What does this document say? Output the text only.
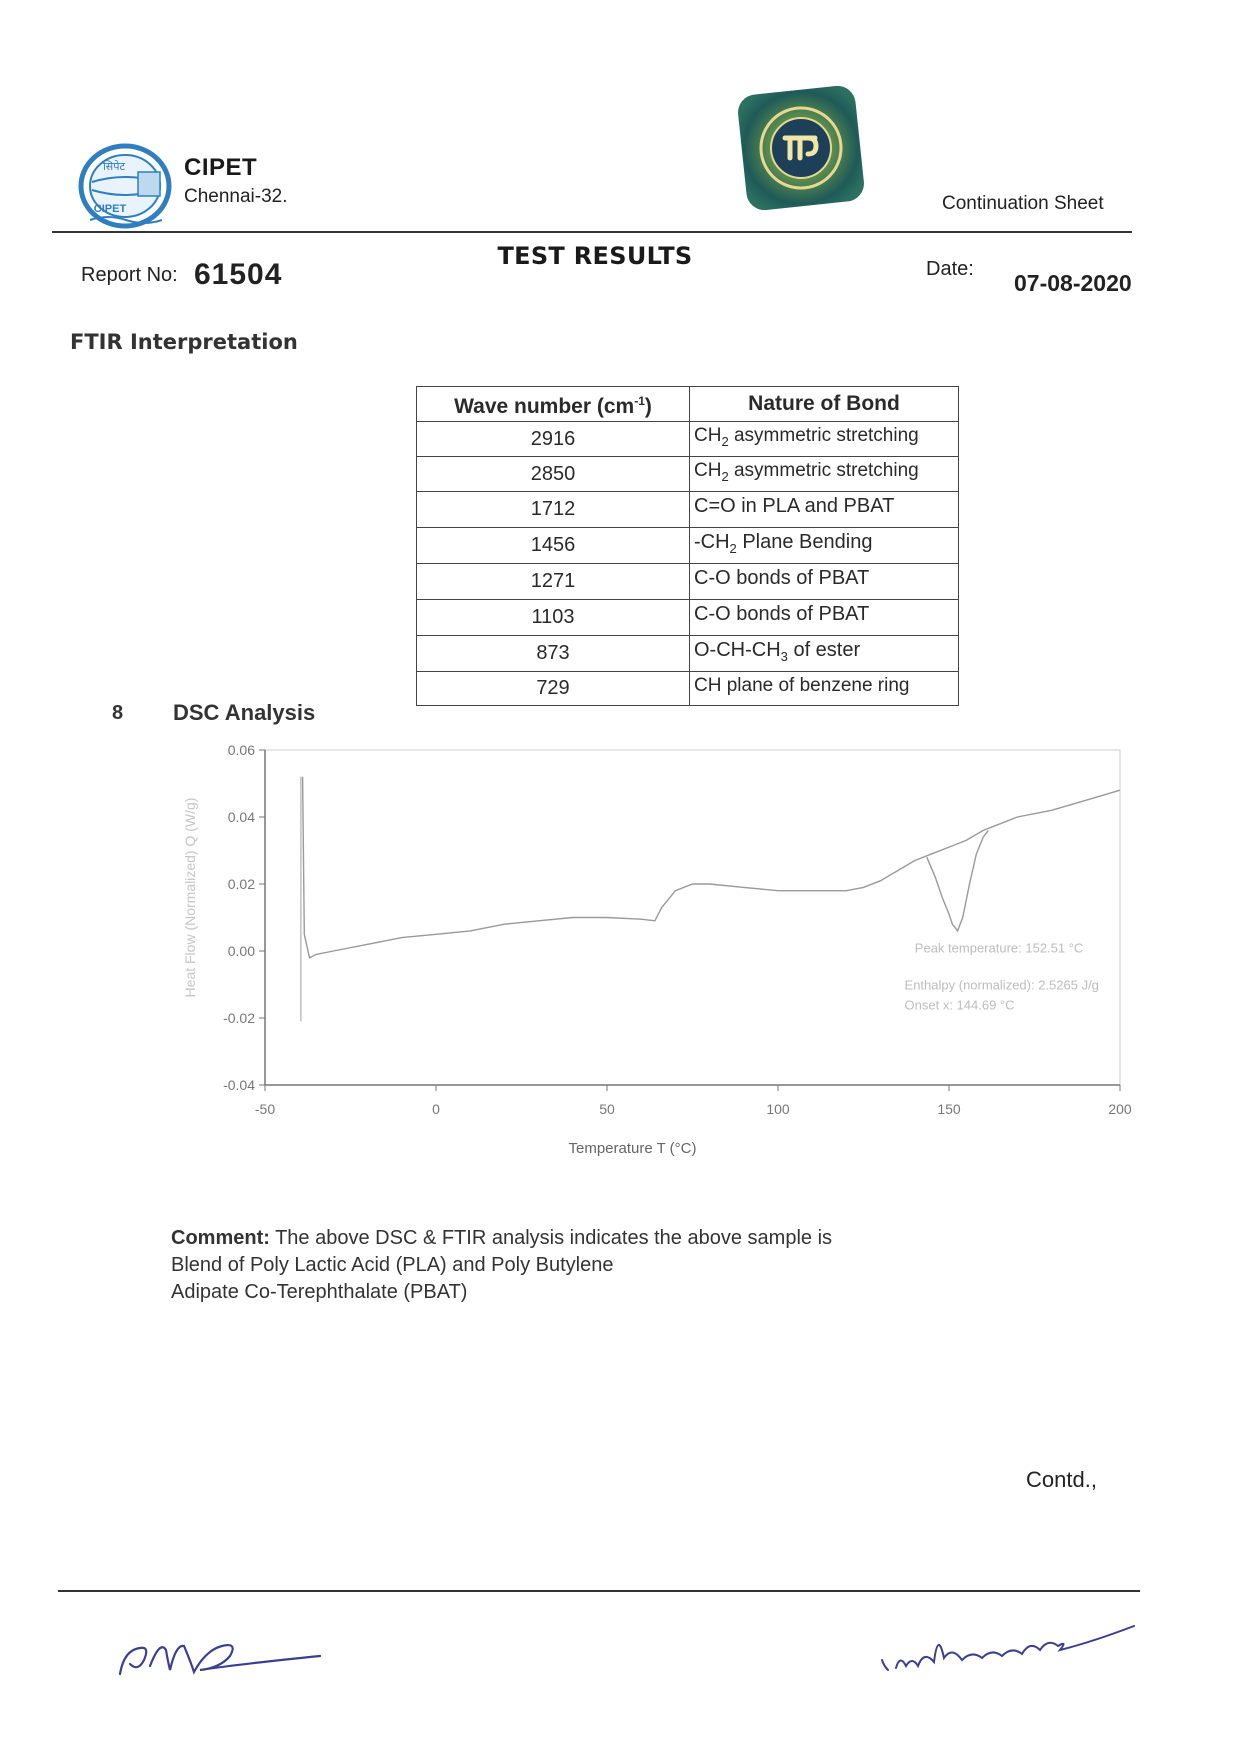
सिपेट
CIPET
CIPET
Chennai-32.	Continuation Sheet
TEST RESULTS
Report No: 61504	Date:
07-08-2020
FTIR Interpretation
Wave number $(cm^{-1})$	Nature of Bond
2916	$CH_2$ asymmetric stretching
2850	$CH_2$ asymmetric stretching
1712	C=O in PLA and PBAT
1456	$-CH_2$ Plane Bending
1271	C-O bonds of PBAT
1103	C-O bonds of PBAT
873	$O-CH-CH_3$ of ester
729	CH plane of benzene ring
8 DSC Analysis
0.06
0.04
0.02
0.00
-0.02
-0.04
-50	0	50	100	150	200
Temperature T (°C)
Heat Flow (Normalized) Q (W/g)	Peak temperature: 152.51 °C
Enthalpy (normalized): 2.5265 J/g
Onset x: 144.69 °C
Comment: The above DSC & FTIR analysis indicates the above sample is
Blend of Poly Lactic Acid (PLA) and Poly Butylene
Adipate Co-Terephthalate (PBAT)
Contd.,
